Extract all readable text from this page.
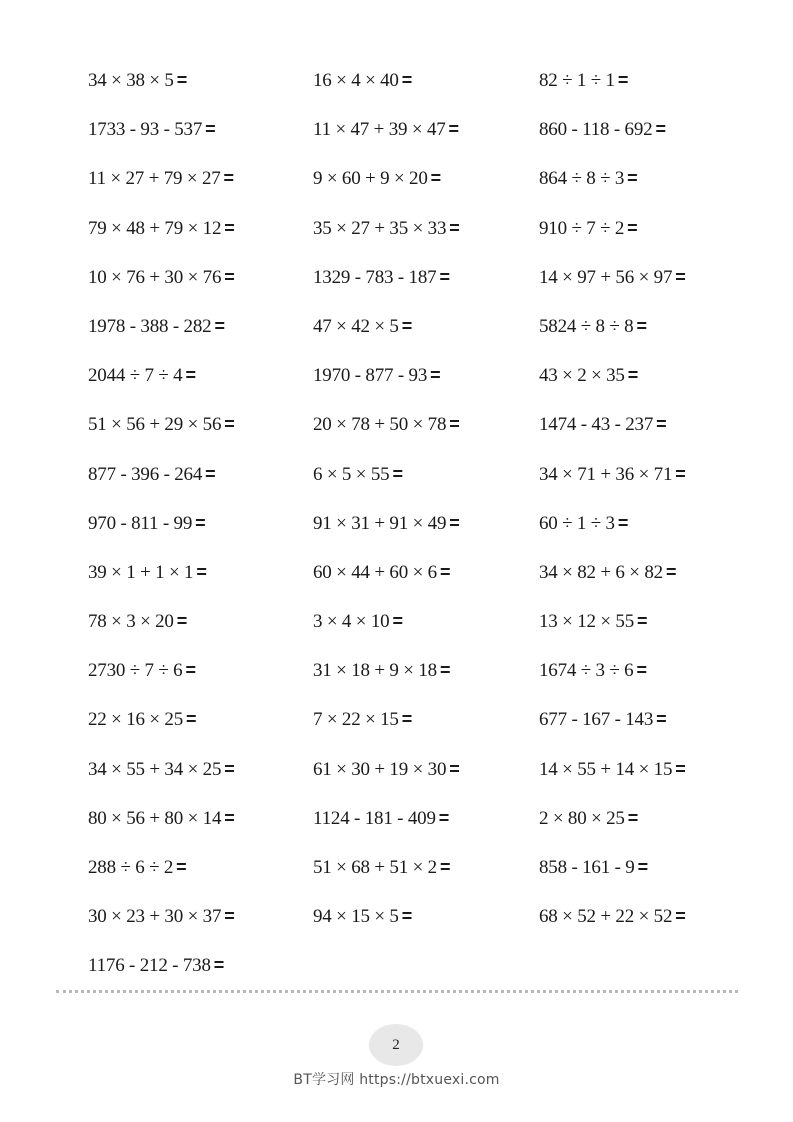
34 × 38 × 5 =	16 × 4 × 40 =	82 ÷ 1 ÷ 1 =
1733 - 93 - 537 =	11 × 47 + 39 × 47 =	860 - 118 - 692 =
11 × 27 + 79 × 27 =	9 × 60 + 9 × 20 =	864 ÷ 8 ÷ 3 =
79 × 48 + 79 × 12 =	35 × 27 + 35 × 33 =	910 ÷ 7 ÷ 2 =
10 × 76 + 30 × 76 =	1329 - 783 - 187 =	14 × 97 + 56 × 97 =
1978 - 388 - 282 =	47 × 42 × 5 =	5824 ÷ 8 ÷ 8 =
2044 ÷ 7 ÷ 4 =	1970 - 877 - 93 =	43 × 2 × 35 =
51 × 56 + 29 × 56 =	20 × 78 + 50 × 78 =	1474 - 43 - 237 =
877 - 396 - 264 =	6 × 5 × 55 =	34 × 71 + 36 × 71 =
970 - 811 - 99 =	91 × 31 + 91 × 49 =	60 ÷ 1 ÷ 3 =
39 × 1 + 1 × 1 =	60 × 44 + 60 × 6 =	34 × 82 + 6 × 82 =
78 × 3 × 20 =	3 × 4 × 10 =	13 × 12 × 55 =
2730 ÷ 7 ÷ 6 =	31 × 18 + 9 × 18 =	1674 ÷ 3 ÷ 6 =
22 × 16 × 25 =	7 × 22 × 15 =	677 - 167 - 143 =
34 × 55 + 34 × 25 =	61 × 30 + 19 × 30 =	14 × 55 + 14 × 15 =
80 × 56 + 80 × 14 =	1124 - 181 - 409 =	2 × 80 × 25 =
288 ÷ 6 ÷ 2 =	51 × 68 + 51 × 2 =	858 - 161 - 9 =
30 × 23 + 30 × 37 =	94 × 15 × 5 =	68 × 52 + 22 × 52 =
1176 - 212 - 738 =
2
BT学习网 https://btxuexi.com
